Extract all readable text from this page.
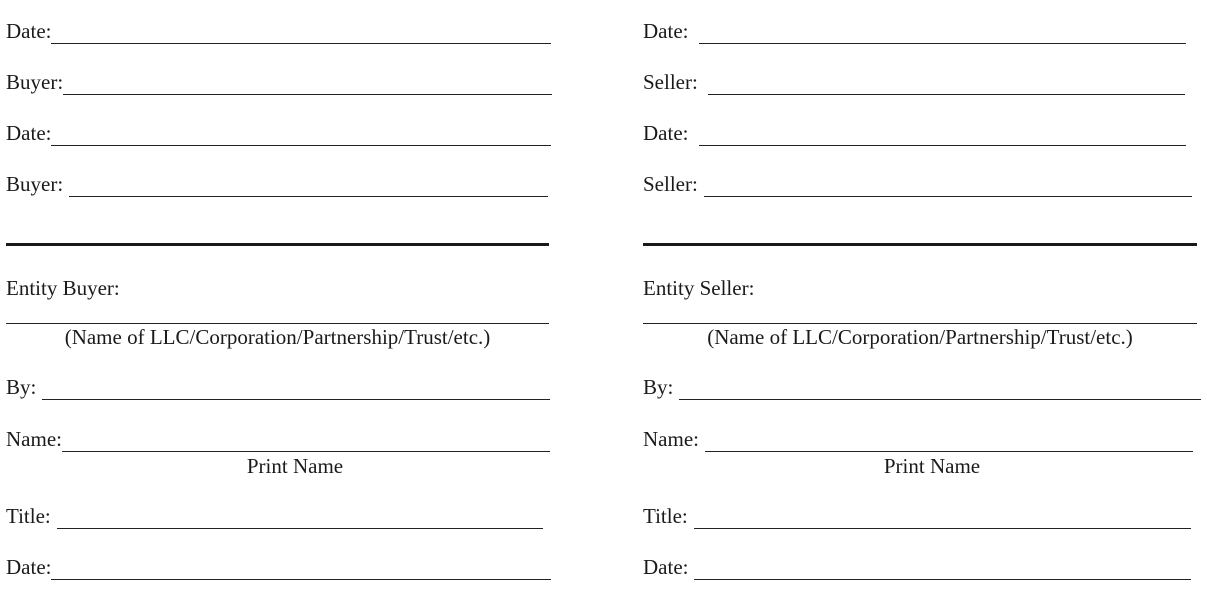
Date:
Buyer:
Date:
Buyer:
Entity Buyer:
(Name of LLC/Corporation/Partnership/Trust/etc.)
By:
Name:
Print Name
Title:
Date:
Date:
Seller:
Date:
Seller:
Entity Seller:
(Name of LLC/Corporation/Partnership/Trust/etc.)
By:
Name:
Print Name
Title:
Date:
